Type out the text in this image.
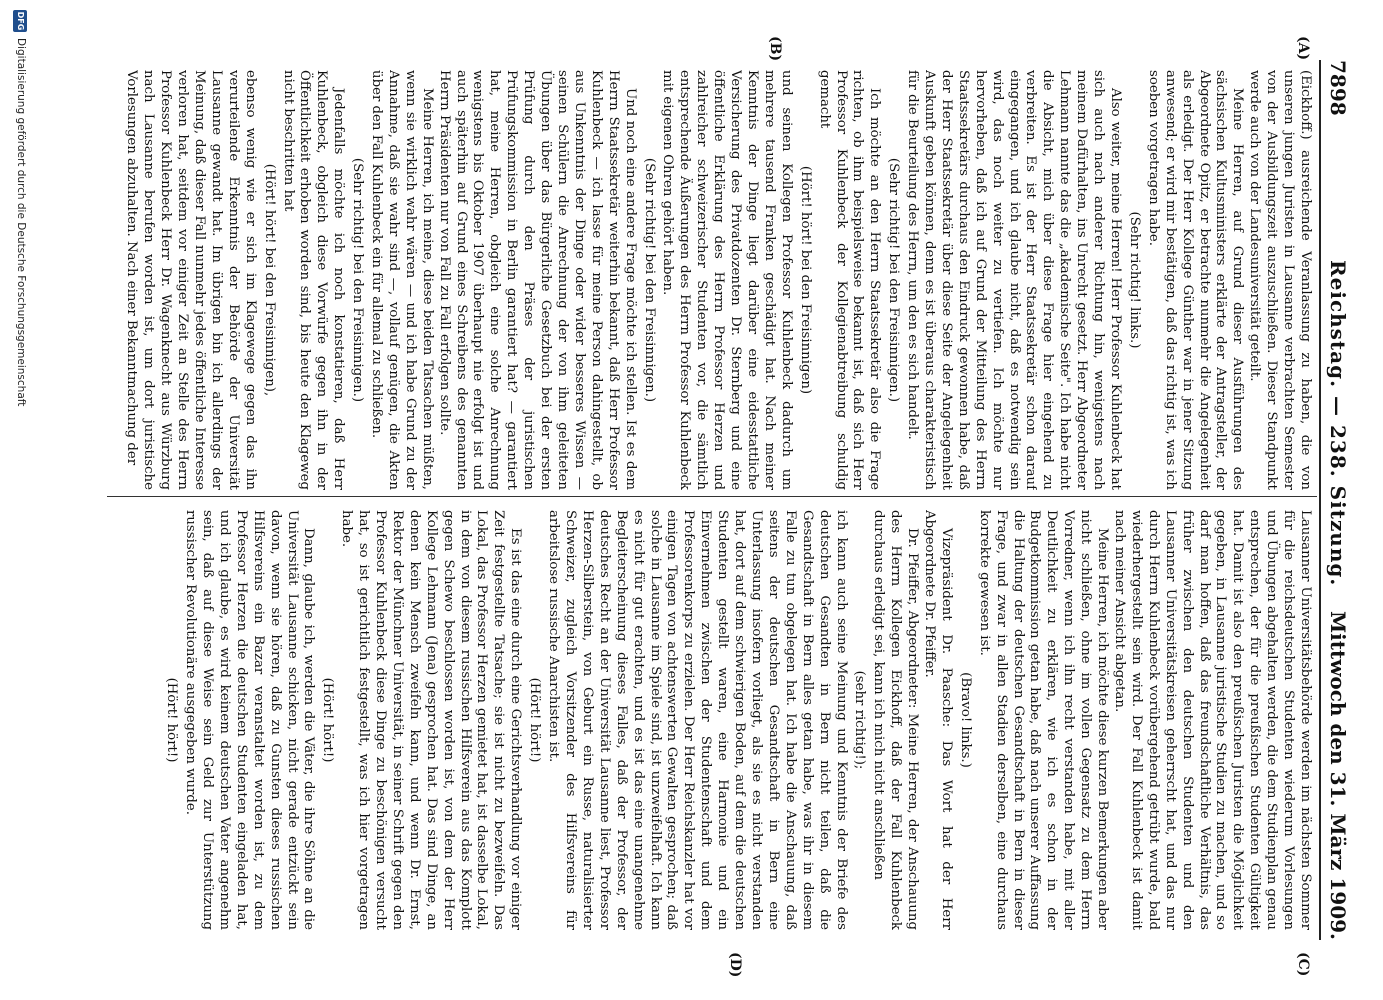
7898
Reichstag. — 238. Sitzung.
Mittwoch den 31. März 1909.
(A)
(B)
(C)
(D)

(Eickhoff.) ausreichende Veranlassung zu haben, die von unseren jungen Juristen in Lausanne verbrachten Semester von der Ausbildungszeit auszuschließen. Dieser Standpunkt werde auch von der Landesuniversität geteilt.

Meine Herren, auf Grund dieser Ausführungen des sächsischen Kultusministers erklärte der Antragsteller, der Abgeordnete Opitz, er betrachte nunmehr die Angelegenheit als erledigt. Der Herr Kollege Günther war in jener Sitzung anwesend; er wird mir bestätigen, daß das richtig ist, was ich soeben vorgetragen habe.

(Sehr richtig! links.)

Also weiter, meine Herren! Herr Professor Kuhlenbeck hat sich auch nach anderer Richtung hin, wenigstens nach meinem Dafürhalten, ins Unrecht gesetzt. Herr Abgeordneter Lehmann nannte das die „akademische Seite". Ich habe nicht die Absicht, mich über diese Frage hier eingehend zu verbreiten. Es ist der Herr Staatssekretär schon darauf eingegangen, und ich glaube nicht, daß es notwendig sein wird, das noch weiter zu vertiefen. Ich möchte nur hervorheben, daß ich auf Grund der Mitteilung des Herrn Staatssekretärs durchaus den Eindruck gewonnen habe, daß der Herr Staatssekretär über diese Seite der Angelegenheit Auskunft geben können, denn es ist überaus charakteristisch für die Beurteilung des Herrn, um den es sich handelt.

(Sehr richtig! bei den Freisinnigen.)

Ich möchte an den Herrn Staatssekretär also die Frage richten, ob ihm beispielsweise bekannt ist, daß sich Herr Professor Kuhlenbeck der Kollegienabtreibung schuldig gemacht

(Hört! hört! bei den Freisinnigen)

und seinen Kollegen Professor Kuhlenbeck dadurch um mehrere tausend Franken geschädigt hat. Nach meiner Kenntnis der Dinge liegt darüber eine eidesstattliche Versicherung des Privatdozenten Dr. Sternberg und eine öffentliche Erklärung des Herrn Professor Herzen und zahlreicher schweizerischer Studenten vor, die sämtlich entsprechende Äußerungen des Herrn Professor Kuhlenbeck mit eigenen Ohren gehört haben.

(Sehr richtig! bei den Freisinnigen.)

Und noch eine andere Frage möchte ich stellen. Ist es dem Herrn Staatssekretär weiterhin bekannt, daß Herr Professor Kuhlenbeck — ich lasse für meine Person dahingestellt, ob aus Unkenntnis der Dinge oder wider besseres Wissen — seinen Schülern die Anrechnung der von ihm geleiteten Übungen über das Bürgerliche Gesetzbuch bei der ersten Prüfung durch den Präses der juristischen Prüfungskommission in Berlin garantiert hat? — garantiert hat, meine Herren, obgleich eine solche Anrechnung wenigstens bis Oktober 1907 überhaupt nie erfolgt ist und auch späterhin auf Grund eines Schreibens des genannten Herrn Präsidenten nur von Fall zu Fall erfolgen sollte.

Meine Herren, ich meine, diese beiden Tatsachen müßten, wenn sie wirklich wahr wären — und ich habe Grund zu der Annahme, daß sie wahr sind —, vollauf genügen, die Akten über den Fall Kuhlenbeck ein für allemal zu schließen.

(Sehr richtig! bei den Freisinnigen.)

Jedenfalls möchte ich noch konstatieren, daß Herr Kuhlenbeck, obgleich diese Vorwürfe gegen ihn in der Öffentlichkeit erhoben worden sind, bis heute den Klageweg nicht beschritten hat

(Hört! hört! bei den Freisinnigen),

ebenso wenig wie er sich im Klagewege gegen das ihn verurteilende Erkenntnis der Behörde der Universität Lausanne gewandt hat. Im übrigen bin ich allerdings der Meinung, daß dieser Fall nunmehr jedes öffentliche Interesse verloren hat, seitdem vor einiger Zeit an Stelle des Herrn Professor Kuhlenbeck Herr Dr. Wagenknecht aus Würzburg nach Lausanne berufen worden ist, um dort juristische Vorlesungen abzuhalten. Nach einer Bekanntmachung der

Lausanner Universitätsbehörde werden im nächsten Sommer für die reichsdeutschen Studenten wiederum Vorlesungen und Übungen abgehalten werden, die dem Studienplan genau entsprechen, der für die preußischen Studenten Gültigkeit hat. Damit ist also den preußischen Juristen die Möglichkeit gegeben, in Lausanne juristische Studien zu machen, und so darf man hoffen, daß das freundschaftliche Verhältnis, das früher zwischen den deutschen Studenten und den Lausanner Universitätskreisen geherrscht hat, und das nur durch Herrn Kuhlenbeck vorübergehend getrübt wurde, bald wiederhergestellt sein wird. Der Fall Kuhlenbeck ist damit nach meiner Ansicht abgetan.

Meine Herren, ich möchte diese kurzen Bemerkungen aber nicht schließen, ohne im vollen Gegensatz zu dem Herrn Vorredner, wenn ich ihn recht verstanden habe, mit aller Deutlichkeit zu erklären, wie ich es schon in der Budgetkommission getan habe, daß nach unserer Auffassung die Haltung der deutschen Gesandtschaft in Bern in dieser Frage, und zwar in allen Stadien derselben, eine durchaus korrekte gewesen ist.

(Bravo! links.)

Vizepräsident Dr. Paasche: Das Wort hat der Herr Abgeordnete Dr. Pfeiffer.

Dr. Pfeiffer, Abgeordneter: Meine Herren, der Anschauung des Herrn Kollegen Eickhoff, daß der Fall Kuhlenbeck durchaus erledigt sei, kann ich mich nicht anschließen

(sehr richtig!);

ich kann auch seine Meinung und Kenntnis der Briefe des deutschen Gesandten in Bern nicht teilen, daß die Gesandtschaft in Bern alles getan habe, was ihr in diesem Falle zu tun obgelegen hat. Ich habe die Anschauung, daß seitens der deutschen Gesandtschaft in Bern eine Unterlassung insofern vorliegt, als sie es nicht verstanden hat, dort auf dem schwierigen Boden, auf dem die deutschen Studenten gestellt waren, eine Harmonie und ein Einvernehmen zwischen der Studentenschaft und dem Professorenkorps zu erzielen. Der Herr Reichskanzler hat vor einigen Tagen von achtenswerten Gewalten gesprochen; daß solche in Lausanne im Spiele sind, ist unzweifelhaft. Ich kann es nicht für gut erachten, und es ist das eine unangenehme Begleiterscheinung dieses Falles, daß der Professor, der deutsches Recht an der Universität Lausanne liest, Professor Herzen-Silberstein, von Geburt ein Russe, naturalisierter Schweizer, zugleich Vorsitzender des Hilfsvereins für arbeitslose russische Anarchisten ist.

(Hört! hört!)

Es ist das eine durch eine Gerichtsverhandlung vor einiger Zeit festgestellte Tatsache; sie ist nicht zu bezweifeln. Das Lokal, das Professor Herzen gemietet hat, ist dasselbe Lokal, in dem von diesem russischen Hilfsverein aus das Komplott gegen Schewo beschlossen worden ist, von dem der Herr Kollege Lehmann (Jena) gesprochen hat. Das sind Dinge, an denen kein Mensch zweifeln kann, und wenn Dr. Ernst, Rektor der Münchner Universität, in seiner Schrift gegen den Professor Kuhlenbeck diese Dinge zu beschönigen versucht hat, so ist gerichtlich festgestellt, was ich hier vorgetragen habe.

(Hört! hört!)

Dann, glaube ich, werden die Väter, die ihre Söhne an die Universität Lausanne schicken, nicht gerade entzückt sein davon, wenn sie hören, daß zu Gunsten dieses russischen Hilfsvereins ein Bazar veranstaltet worden ist, zu dem Professor Herzen die deutschen Studenten eingeladen hat, und ich glaube, es wird keinem deutschen Vater angenehm sein, daß auf diese Weise sein Geld zur Unterstützung russischer Revolutionäre ausgegeben wurde.

(Hört! hört!)

DFG
Digitalisierung gefördert durch die Deutsche Forschungsgemeinschaft
